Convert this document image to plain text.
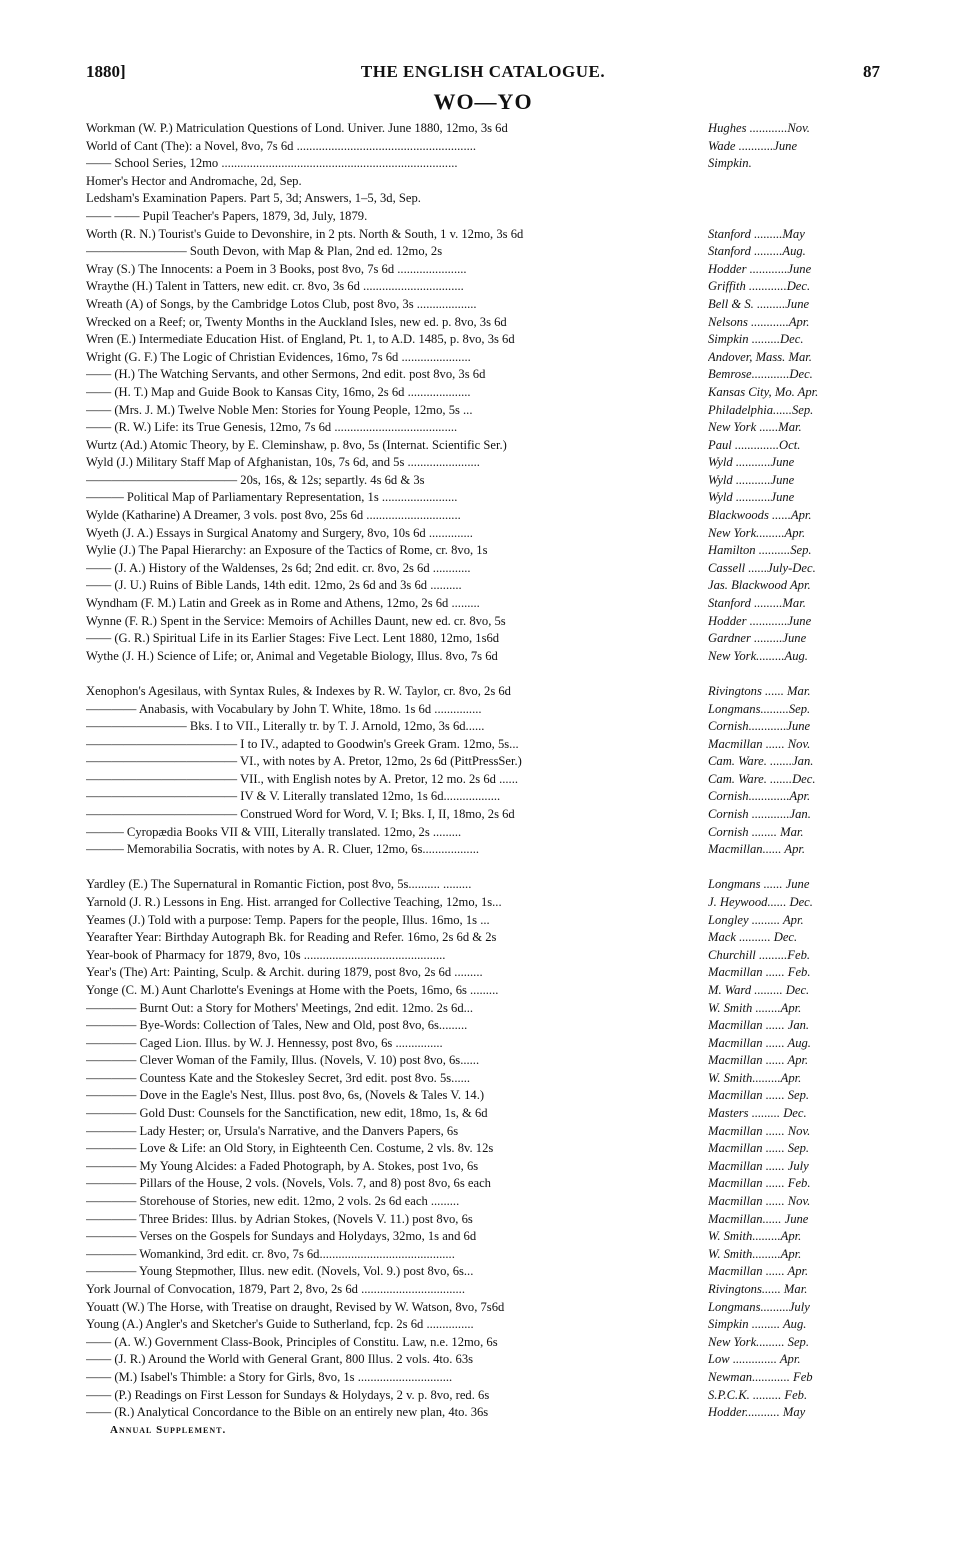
1880]	THE ENGLISH CATALOGUE.	87
WO—YO
Workman (W. P.) Matriculation Questions of Lond. Univer. June 1880, 12mo, 3s 6d	Hughes ............Nov.
World of Cant (The): a Novel, 8vo, 7s 6d .........................................................	Wade ...........June
—— School Series, 12mo ...........................................................................	Simpkin.
Homer's Hector and Andromache, 2d, Sep.
Ledsham's Examination Papers. Part 5, 3d; Answers, 1–5, 3d, Sep.
—— —— Pupil Teacher's Papers, 1879, 3d, July, 1879.
Worth (R. N.) Tourist's Guide to Devonshire, in 2 pts. North & South, 1 v. 12mo, 3s 6d	Stanford .........May
———————— South Devon, with Map & Plan, 2nd ed. 12mo, 2s	Stanford .........Aug.
Wray (S.) The Innocents: a Poem in 3 Books, post 8vo, 7s 6d ......................	Hodder ............June
Wraythe (H.) Talent in Tatters, new edit. cr. 8vo, 3s 6d ................................	Griffith ............Dec.
Wreath (A) of Songs, by the Cambridge Lotos Club, post 8vo, 3s ...................	Bell & S. .........June
Wrecked on a Reef; or, Twenty Months in the Auckland Isles, new ed. p. 8vo, 3s 6d	Nelsons ............Apr.
Wren (E.) Intermediate Education Hist. of England, Pt. 1, to A.D. 1485, p. 8vo, 3s 6d	Simpkin .........Dec.
Wright (G. F.) The Logic of Christian Evidences, 16mo, 7s 6d ......................	Andover, Mass. Mar.
—— (H.) The Watching Servants, and other Sermons, 2nd edit. post 8vo, 3s 6d	Bemrose............Dec.
—— (H. T.) Map and Guide Book to Kansas City, 16mo, 2s 6d ....................	Kansas City, Mo. Apr.
—— (Mrs. J. M.) Twelve Noble Men: Stories for Young People, 12mo, 5s ...	Philadelphia......Sep.
—— (R. W.) Life: its True Genesis, 12mo, 7s 6d .......................................	New York ......Mar.
Wurtz (Ad.) Atomic Theory, by E. Cleminshaw, p. 8vo, 5s (Internat. Scientific Ser.)	Paul ..............Oct.
Wyld (J.) Military Staff Map of Afghanistan, 10s, 7s 6d, and 5s .......................	Wyld ...........June
———————————— 20s, 16s, & 12s; separtly. 4s 6d & 3s	Wyld ...........June
——— Political Map of Parliamentary Representation, 1s ........................	Wyld ...........June
Wylde (Katharine) A Dreamer, 3 vols. post 8vo, 25s 6d ..............................	Blackwoods ......Apr.
Wyeth (J. A.) Essays in Surgical Anatomy and Surgery, 8vo, 10s 6d ..............	New York.........Apr.
Wylie (J.) The Papal Hierarchy: an Exposure of the Tactics of Rome, cr. 8vo, 1s	Hamilton ..........Sep.
—— (J. A.) History of the Waldenses, 2s 6d; 2nd edit. cr. 8vo, 2s 6d ............	Cassell ......July-Dec.
—— (J. U.) Ruins of Bible Lands, 14th edit. 12mo, 2s 6d and 3s 6d ..........	Jas. Blackwood Apr.
Wyndham (F. M.) Latin and Greek as in Rome and Athens, 12mo, 2s 6d .........	Stanford .........Mar.
Wynne (F. R.) Spent in the Service: Memoirs of Achilles Daunt, new ed. cr. 8vo, 5s	Hodder ............June
—— (G. R.) Spiritual Life in its Earlier Stages: Five Lect. Lent 1880, 12mo, 1s6d	Gardner .........June
Wythe (J. H.) Science of Life; or, Animal and Vegetable Biology, Illus. 8vo, 7s 6d	New York.........Aug.
Xenophon's Agesilaus, with Syntax Rules, & Indexes by R. W. Taylor, cr. 8vo, 2s 6d	Rivingtons ...... Mar.
———— Anabasis, with Vocabulary by John T. White, 18mo. 1s 6d ...............	Longmans.........Sep.
———————— Bks. I to VII., Literally tr. by T. J. Arnold, 12mo, 3s 6d......	Cornish............June
———————————— I to IV., adapted to Goodwin's Greek Gram. 12mo, 5s...	Macmillan ...... Nov.
———————————— VI., with notes by A. Pretor, 12mo, 2s 6d (PittPressSer.)	Cam. Ware. .......Jan.
———————————— VII., with English notes by A. Pretor, 12 mo. 2s 6d ......	Cam. Ware. .......Dec.
———————————— IV & V. Literally translated 12mo, 1s 6d..................	Cornish.............Apr.
———————————— Construed Word for Word, V. I; Bks. I, II, 18mo, 2s 6d	Cornish ............Jan.
——— Cyropædia Books VII & VIII, Literally translated. 12mo, 2s .........	Cornish ........ Mar.
——— Memorabilia Socratis, with notes by A. R. Cluer, 12mo, 6s..................	Macmillan...... Apr.
Yardley (E.) The Supernatural in Romantic Fiction, post 8vo, 5s.......... .........	Longmans ...... June
Yarnold (J. R.) Lessons in Eng. Hist. arranged for Collective Teaching, 12mo, 1s...	J. Heywood...... Dec.
Yeames (J.) Told with a purpose: Temp. Papers for the people, Illus. 16mo, 1s ...	Longley ......... Apr.
Yearafter Year: Birthday Autograph Bk. for Reading and Refer. 16mo, 2s 6d & 2s	Mack .......... Dec.
Year-book of Pharmacy for 1879, 8vo, 10s .............................................	Churchill .........Feb.
Year's (The) Art: Painting, Sculp. & Archit. during 1879, post 8vo, 2s 6d .........	Macmillan ...... Feb.
Yonge (C. M.) Aunt Charlotte's Evenings at Home with the Poets, 16mo, 6s .........	M. Ward ......... Dec.
———— Burnt Out: a Story for Mothers' Meetings, 2nd edit. 12mo. 2s 6d...	W. Smith ........Apr.
———— Bye-Words: Collection of Tales, New and Old, post 8vo, 6s.........	Macmillan ...... Jan.
———— Caged Lion. Illus. by W. J. Hennessy, post 8vo, 6s ...............	Macmillan ...... Aug.
———— Clever Woman of the Family, Illus. (Novels, V. 10) post 8vo, 6s......	Macmillan ...... Apr.
———— Countess Kate and the Stokesley Secret, 3rd edit. post 8vo. 5s......	W. Smith.........Apr.
———— Dove in the Eagle's Nest, Illus. post 8vo, 6s, (Novels & Tales V. 14.)	Macmillan ...... Sep.
———— Gold Dust: Counsels for the Sanctification, new edit, 18mo, 1s, & 6d	Masters ......... Dec.
———— Lady Hester; or, Ursula's Narrative, and the Danvers Papers, 6s	Macmillan ...... Nov.
———— Love & Life: an Old Story, in Eighteenth Cen. Costume, 2 vls. 8v. 12s	Macmillan ...... Sep.
———— My Young Alcides: a Faded Photograph, by A. Stokes, post 1vo, 6s	Macmillan ...... July
———— Pillars of the House, 2 vols. (Novels, Vols. 7, and 8) post 8vo, 6s each	Macmillan ...... Feb.
———— Storehouse of Stories, new edit. 12mo, 2 vols. 2s 6d each .........	Macmillan ...... Nov.
———— Three Brides: Illus. by Adrian Stokes, (Novels V. 11.) post 8vo, 6s	Macmillan...... June
———— Verses on the Gospels for Sundays and Holydays, 32mo, 1s and 6d	W. Smith.........Apr.
———— Womankind, 3rd edit. cr. 8vo, 7s 6d...........................................	W. Smith.........Apr.
———— Young Stepmother, Illus. new edit. (Novels, Vol. 9.) post 8vo, 6s...	Macmillan ...... Apr.
York Journal of Convocation, 1879, Part 2, 8vo, 2s 6d .................................	Rivingtons...... Mar.
Youatt (W.) The Horse, with Treatise on draught, Revised by W. Watson, 8vo, 7s6d	Longmans.........July
Young (A.) Angler's and Sketcher's Guide to Sutherland, fcp. 2s 6d ...............	Simpkin ......... Aug.
—— (A. W.) Government Class-Book, Principles of Constitu. Law, n.e. 12mo, 6s	New York......... Sep.
—— (J. R.) Around the World with General Grant, 800 Illus. 2 vols. 4to. 63s	Low .............. Apr.
—— (M.) Isabel's Thimble: a Story for Girls, 8vo, 1s ..............................	Newman............ Feb
—— (P.) Readings on First Lesson for Sundays & Holydays, 2 v. p. 8vo, red. 6s	S.P.C.K. ......... Feb.
—— (R.) Analytical Concordance to the Bible on an entirely new plan, 4to. 36s	Hodder........... May
Annual Supplement.
